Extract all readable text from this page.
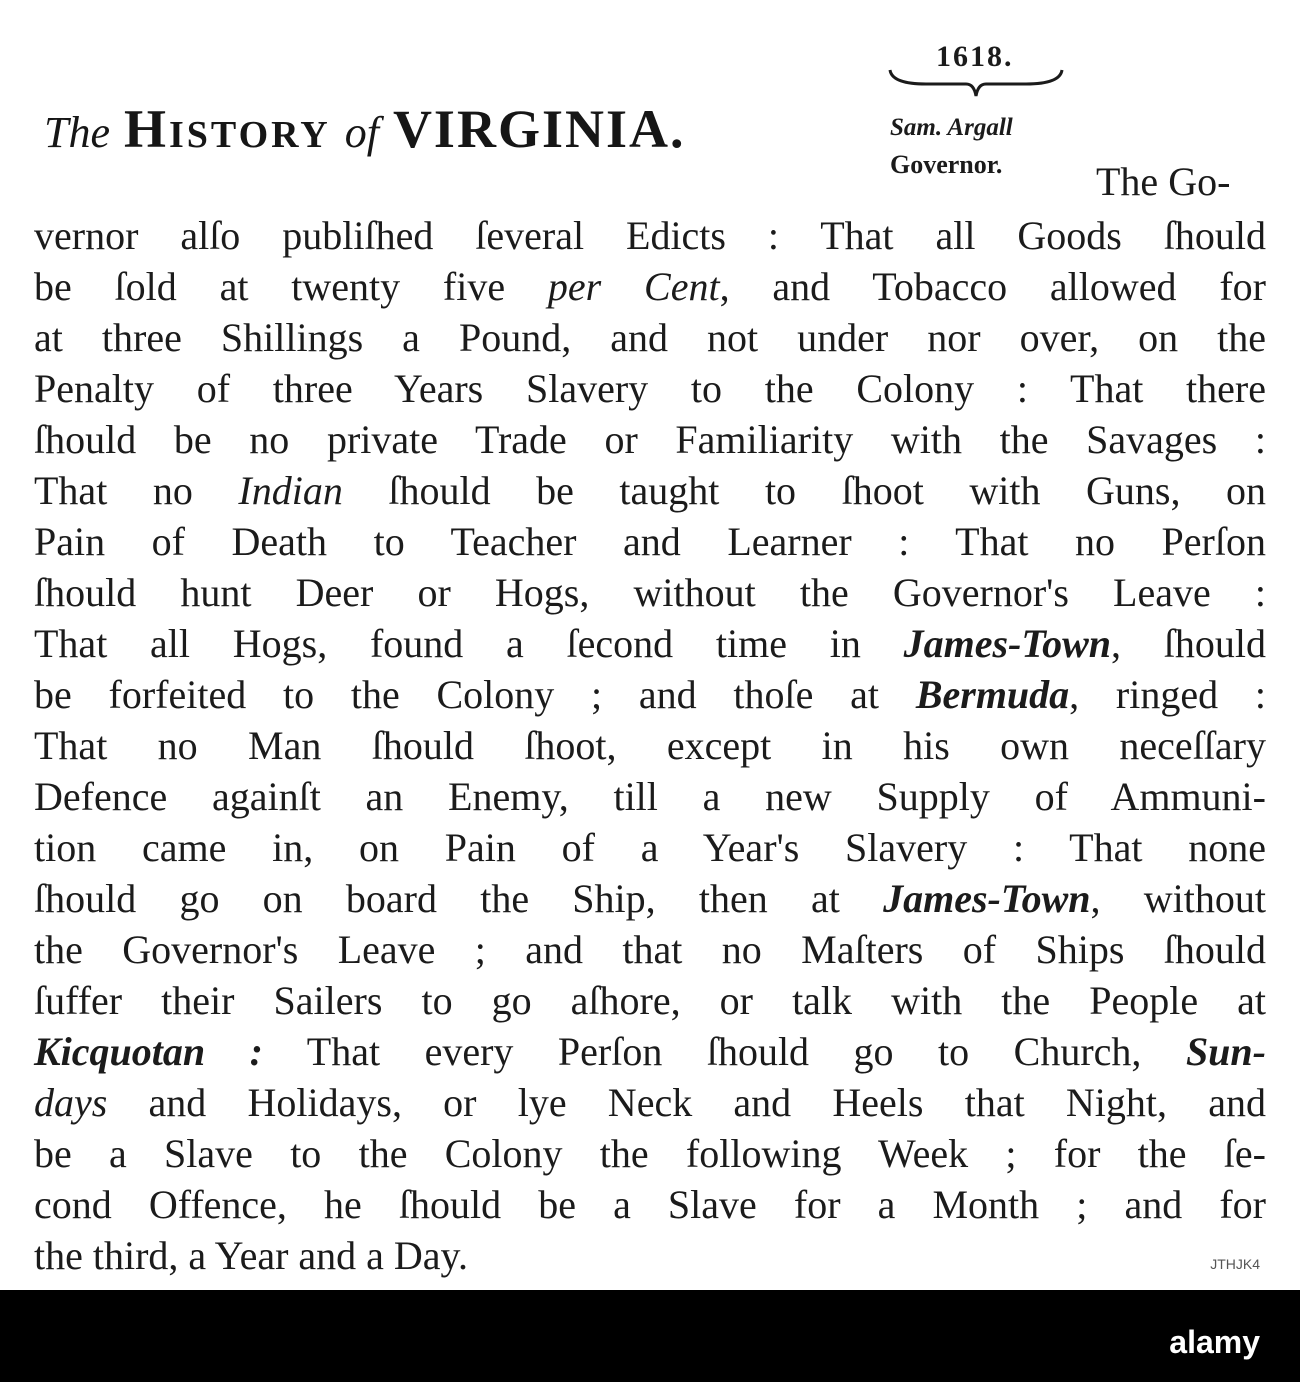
The History of VIRGINIA.
1618.
Sam. Argall
Governor. The Go-
vernor alſo publiſhed ſeveral Edicts : That all Goods ſhould
be ſold at twenty five per Cent, and Tobacco allowed for
at three Shillings a Pound, and not under nor over, on the
Penalty of three Years Slavery to the Colony : That there
ſhould be no private Trade or Familiarity with the Savages :
That no Indian ſhould be taught to ſhoot with Guns, on
Pain of Death to Teacher and Learner : That no Perſon
ſhould hunt Deer or Hogs, without the Governor's Leave :
That all Hogs, found a ſecond time in James-Town, ſhould
be forfeited to the Colony ; and thoſe at Bermuda, ringed :
That no Man ſhould ſhoot, except in his own neceſſary
Defence againſt an Enemy, till a new Supply of Ammuni-
tion came in, on Pain of a Year's Slavery : That none
ſhould go on board the Ship, then at James-Town, without
the Governor's Leave ; and that no Maſters of Ships ſhould
ſuffer their Sailers to go aſhore, or talk with the People at
Kicquotan : That every Perſon ſhould go to Church, Sun-
days and Holidays, or lye Neck and Heels that Night, and
be a Slave to the Colony the following Week ; for the ſe-
cond Offence, he ſhould be a Slave for a Month ; and for
the third, a Year and a Day.	JTHJK4
alamy
